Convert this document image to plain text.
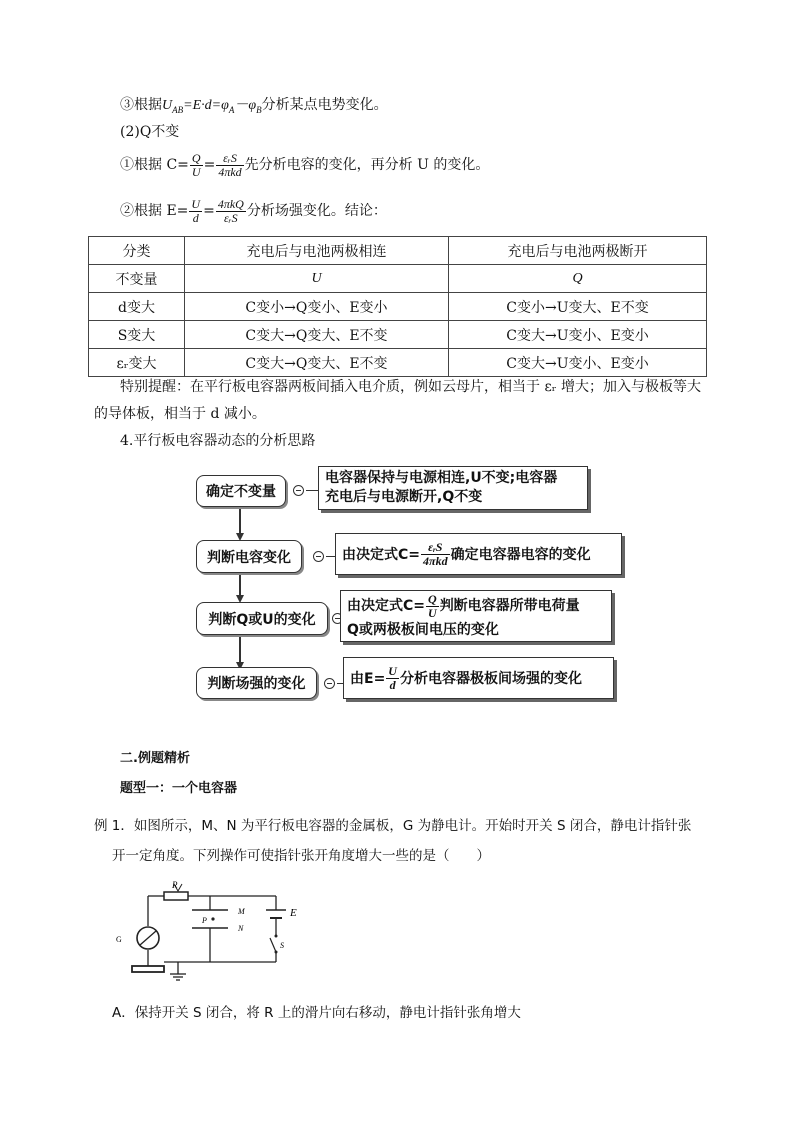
③根据$U_{AB}=E\cdot d=\varphi_A-\varphi_B$分析某点电势变化。
(2)Q不变
①根据 $C= \frac{Q}{U} = \frac{\text{εᵣS}}{\text{4πkd}}$ 先分析电容的变化，再分析 U 的变化。
②根据 $E= \frac{U}{d} = \frac{\text{4πkQ}}{\text{εᵣS}}$ 分析场强变化。结论：
分类	充电后与电池两极相连	充电后与电池两极断开
不变量	U	Q
d变大	C变小→Q变小、E变小	C变小→U变大、E不变
S变大	C变大→Q变大、E不变	C变大→U变小、E变小
εᵣ变大	C变大→Q变大、E不变	C变大→U变小、E变小
特别提醒：在平行板电容器两板间插入电介质，例如云母片，相当于 εᵣ 增大；加入与极板等大
的导体板，相当于 d 减小。
4.平行板电容器动态的分析思路
确定不变量
电容器保持与电源相连,U不变;电容器
充电后与电源断开,Q不变
判断电容变化	由决定式$C= \frac{\text{εᵣS}}{\text{4πkd}}$ 确定电容器电容的变化
判断Q或U的变化
由决定式$C= \frac{Q}{U}$ 判断电容器所带电荷量
Q或两极板间电压的变化
判断场强的变化	由$E= \frac{U}{d}$ 分析电容器极板间场强的变化
二.例题精析
题型一：一个电容器
例 1．如图所示，M、N 为平行板电容器的金属板，G 为静电计。开始时开关 S 闭合，静电计指针张
开一定角度。下列操作可使指针张开角度增大一些的是（　　）
R
M
N
P
E
S
G
A．保持开关 S 闭合，将 R 上的滑片向右移动，静电计指针张角增大
